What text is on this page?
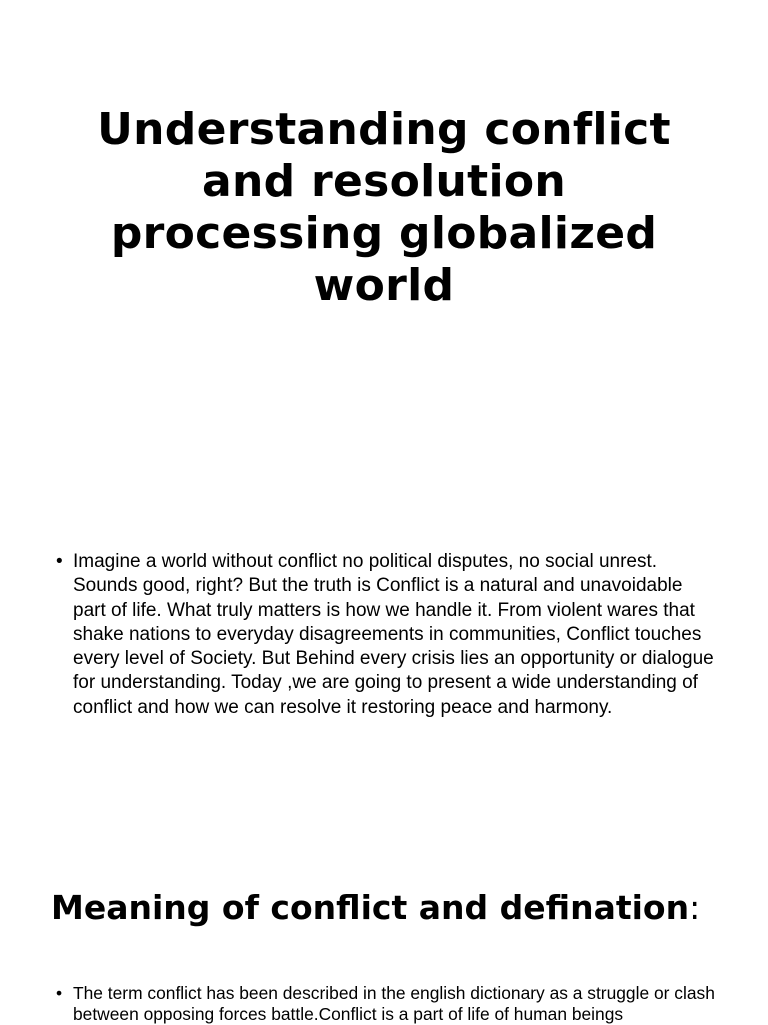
Understanding conflict and resolution processing globalized world
• Imagine a world without conflict no political disputes, no social unrest. Sounds good, right? But the truth is Conflict is a natural and unavoidable part of life. What truly matters is how we handle it. From violent wares that shake nations to everyday disagreements in communities, Conflict touches every level of Society. But Behind every crisis lies an opportunity or dialogue for understanding. Today ,we are going to present a wide understanding of conflict and how we can resolve it restoring peace and harmony.
Meaning of conflict and defination:
• The term conflict has been described in the english dictionary as a struggle or clash between opposing forces battle.Conflict is a part of life of human beings
